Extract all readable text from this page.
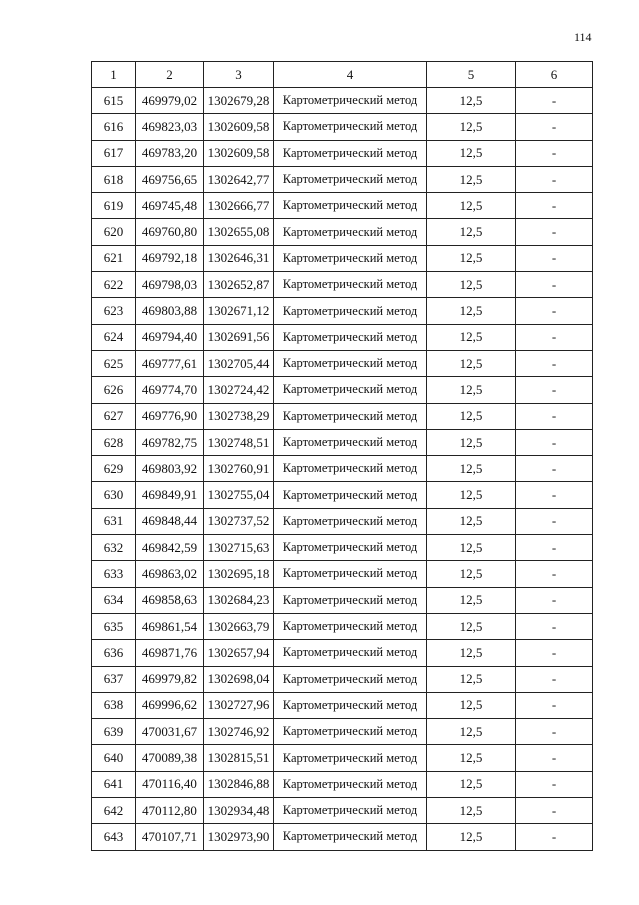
114
1	2	3	4	5	6
615	469979,02	1302679,28	Картометрический метод	12,5	-
616	469823,03	1302609,58	Картометрический метод	12,5	-
617	469783,20	1302609,58	Картометрический метод	12,5	-
618	469756,65	1302642,77	Картометрический метод	12,5	-
619	469745,48	1302666,77	Картометрический метод	12,5	-
620	469760,80	1302655,08	Картометрический метод	12,5	-
621	469792,18	1302646,31	Картометрический метод	12,5	-
622	469798,03	1302652,87	Картометрический метод	12,5	-
623	469803,88	1302671,12	Картометрический метод	12,5	-
624	469794,40	1302691,56	Картометрический метод	12,5	-
625	469777,61	1302705,44	Картометрический метод	12,5	-
626	469774,70	1302724,42	Картометрический метод	12,5	-
627	469776,90	1302738,29	Картометрический метод	12,5	-
628	469782,75	1302748,51	Картометрический метод	12,5	-
629	469803,92	1302760,91	Картометрический метод	12,5	-
630	469849,91	1302755,04	Картометрический метод	12,5	-
631	469848,44	1302737,52	Картометрический метод	12,5	-
632	469842,59	1302715,63	Картометрический метод	12,5	-
633	469863,02	1302695,18	Картометрический метод	12,5	-
634	469858,63	1302684,23	Картометрический метод	12,5	-
635	469861,54	1302663,79	Картометрический метод	12,5	-
636	469871,76	1302657,94	Картометрический метод	12,5	-
637	469979,82	1302698,04	Картометрический метод	12,5	-
638	469996,62	1302727,96	Картометрический метод	12,5	-
639	470031,67	1302746,92	Картометрический метод	12,5	-
640	470089,38	1302815,51	Картометрический метод	12,5	-
641	470116,40	1302846,88	Картометрический метод	12,5	-
642	470112,80	1302934,48	Картометрический метод	12,5	-
643	470107,71	1302973,90	Картометрический метод	12,5	-
